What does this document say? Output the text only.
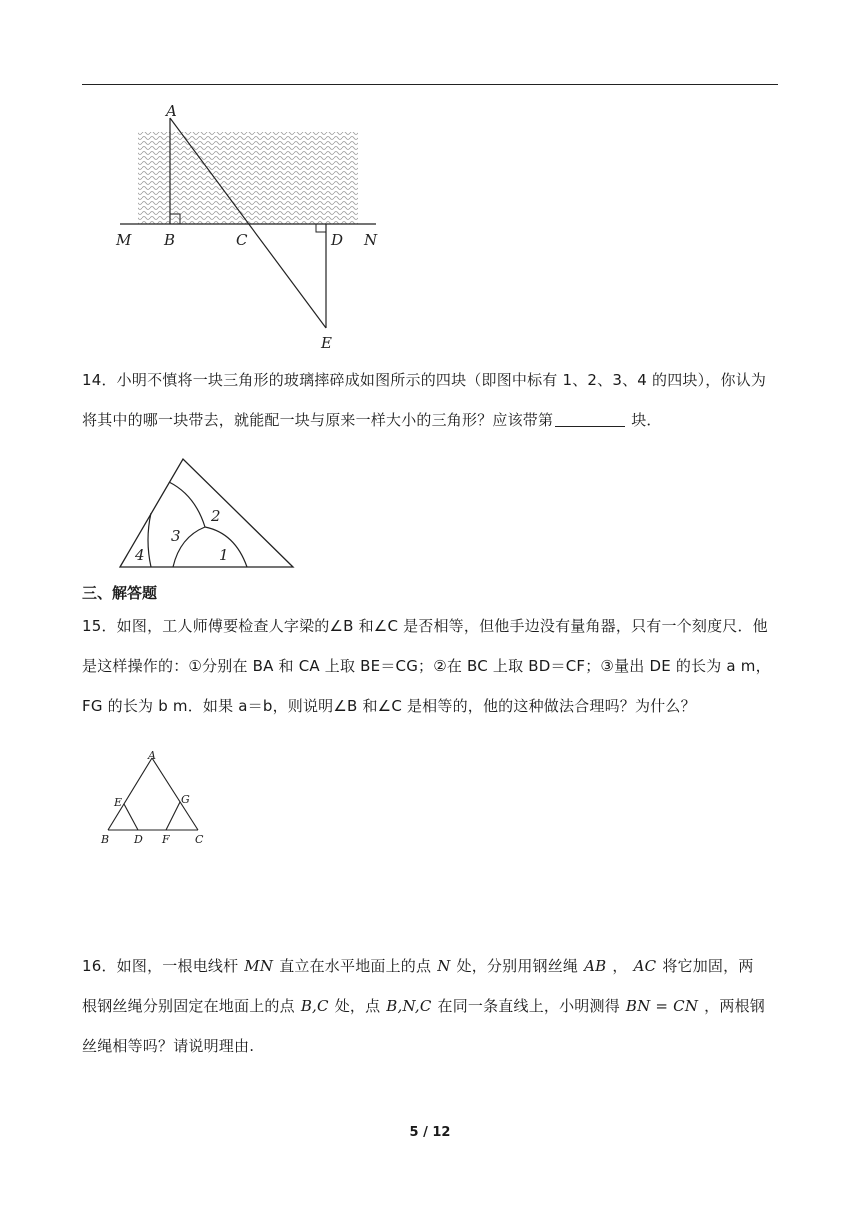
A
M B	C	D N
E
14．小明不慎将一块三角形的玻璃摔碎成如图所示的四块（即图中标有 1、2、3、4 的四块），你认为
将其中的哪一块带去，就能配一块与原来一样大小的三角形？应该带第	块．
4
3
2
1
三、解答题
15．如图，工人师傅要检查人字梁的∠B 和∠C 是否相等，但他手边没有量角器，只有一个刻度尺．他
是这样操作的：①分别在 BA 和 CA 上取 BE＝CG；②在 BC 上取 BD＝CF；③量出 DE 的长为 a m，
FG 的长为 b m．如果 a＝b，则说明∠B 和∠C 是相等的，他的这种做法合理吗？为什么？
A
E	G
B D F C
16．如图，一根电线杆 MN 直立在水平地面上的点 N 处，分别用钢丝绳 AB ， AC 将它加固，两
根钢丝绳分别固定在地面上的点 B,C 处，点 B,N,C 在同一条直线上，小明测得 BN = CN ，两根钢
丝绳相等吗？请说明理由.
5 / 12
